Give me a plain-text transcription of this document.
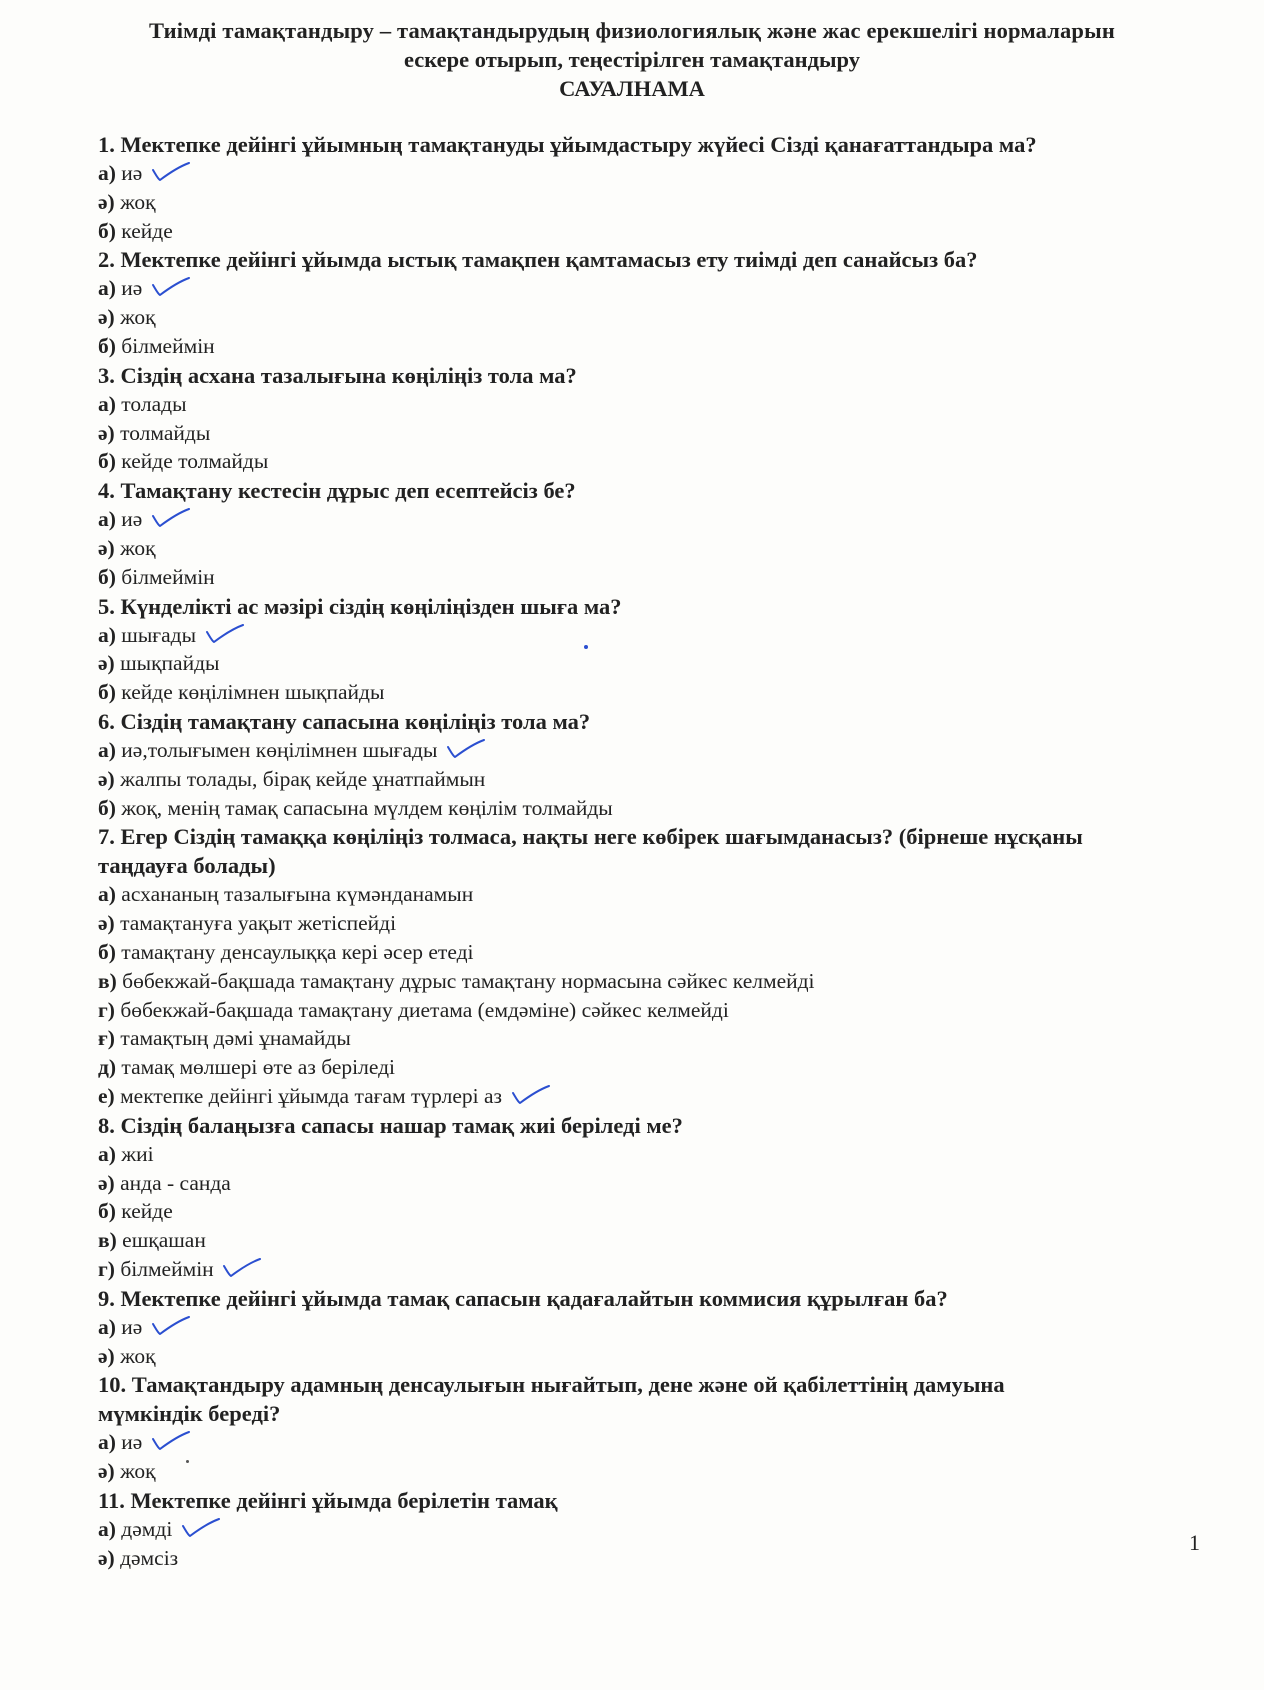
Тиімді тамақтандыру – тамақтандырудың физиологиялық және жас ерекшелігі нормаларын
ескере отырып, теңестірілген тамақтандыру
САУАЛНАМА
1. Мектепке дейінгі ұйымның тамақтануды ұйымдастыру жүйесі Сізді қанағаттандыра ма?
а) иә
ә) жоқ
б) кейде
2. Мектепке дейінгі ұйымда ыстық тамақпен қамтамасыз ету тиімді деп санайсыз ба?
а) иә
ә) жоқ
б) білмеймін
3. Сіздің асхана тазалығына көңіліңіз тола ма?
а) толады
ә) толмайды
б) кейде толмайды
4. Тамақтану кестесін дұрыс деп есептейсіз бе?
а) иә
ә) жоқ
б) білмеймін
5. Күнделікті ас мәзірі сіздің көңіліңізден шыға ма?
а) шығады
ә) шықпайды
б) кейде көңілімнен шықпайды
6. Сіздің тамақтану сапасына көңіліңіз тола ма?
а) иә,толығымен көңілімнен шығады
ә) жалпы толады, бірақ кейде ұнатпаймын
б) жоқ, менің тамақ сапасына мүлдем көңілім толмайды
7. Егер Сіздің тамаққа көңіліңіз толмаса, нақты неге көбірек шағымданасыз? (бірнеше нұсқаны таңдауға болады)
а) асхананың тазалығына күмәнданамын
ә) тамақтануға уақыт жетіспейді
б) тамақтану денсаулыққа кері әсер етеді
в) бөбекжай-бақшада тамақтану дұрыс тамақтану нормасына сәйкес келмейді
г) бөбекжай-бақшада тамақтану диетама (емдәміне) сәйкес келмейді
ғ) тамақтың дәмі ұнамайды
д) тамақ мөлшері өте аз беріледі
е) мектепке дейінгі ұйымда тағам түрлері аз
8. Сіздің балаңызға сапасы нашар тамақ жиі беріледі ме?
а) жиі
ә) анда - санда
б) кейде
в) ешқашан
г) білмеймін
9. Мектепке дейінгі ұйымда тамақ сапасын қадағалайтын коммисия құрылған ба?
а) иә
ә) жоқ
10. Тамақтандыру адамның денсаулығын нығайтып, дене және ой қабілеттінің дамуына мүмкіндік береді?
а) иә
ә) жоқ
11. Мектепке дейінгі ұйымда берілетін тамақ
а) дәмді
ә) дәмсіз
1
